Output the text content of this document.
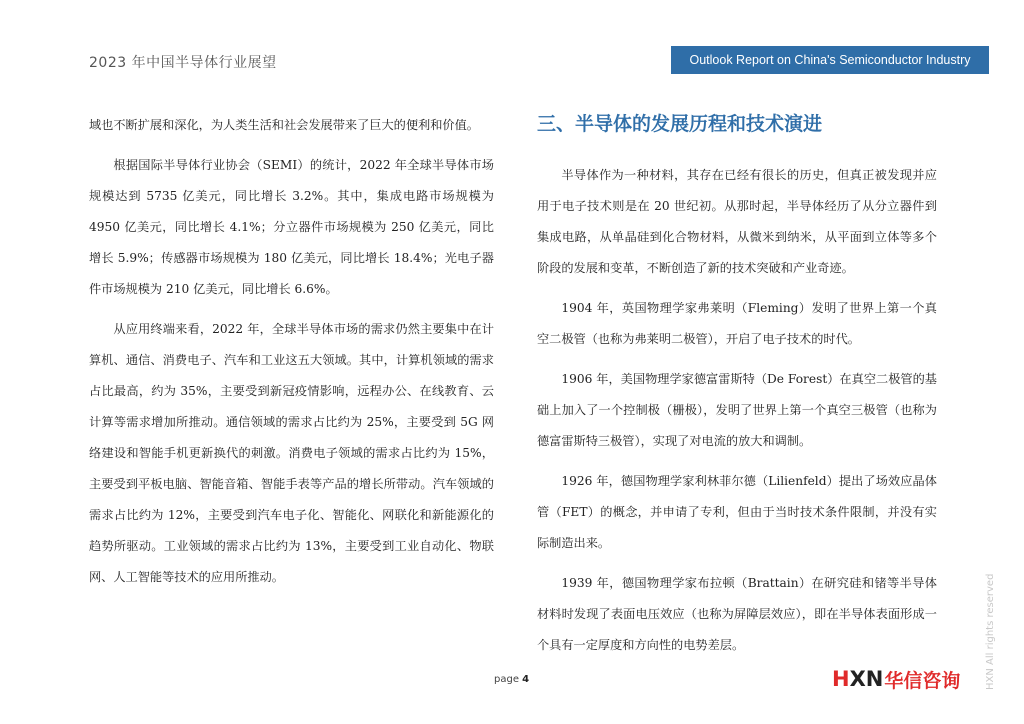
2023 年中国半导体行业展望	Outlook Report on China's Semiconductor Industry

域也不断扩展和深化，为人类生活和社会发展带来了巨大的便利和价值。

根据国际半导体行业协会（SEMI）的统计，2022 年全球半导体市场规模达到 5735 亿美元，同比增长 3.2%。其中，集成电路市场规模为 4950 亿美元，同比增长 4.1%；分立器件市场规模为 250 亿美元，同比增长 5.9%；传感器市场规模为 180 亿美元，同比增长 18.4%；光电子器件市场规模为 210 亿美元，同比增长 6.6%。

从应用终端来看，2022 年，全球半导体市场的需求仍然主要集中在计算机、通信、消费电子、汽车和工业这五大领域。其中，计算机领域的需求占比最高，约为 35%，主要受到新冠疫情影响，远程办公、在线教育、云计算等需求增加所推动。通信领域的需求占比约为 25%，主要受到 5G 网络建设和智能手机更新换代的刺激。消费电子领域的需求占比约为 15%，主要受到平板电脑、智能音箱、智能手表等产品的增长所带动。汽车领域的需求占比约为 12%，主要受到汽车电子化、智能化、网联化和新能源化的趋势所驱动。工业领域的需求占比约为 13%，主要受到工业自动化、物联网、人工智能等技术的应用所推动。

三、半导体的发展历程和技术演进

半导体作为一种材料，其存在已经有很长的历史，但真正被发现并应用于电子技术则是在 20 世纪初。从那时起，半导体经历了从分立器件到集成电路，从单晶硅到化合物材料，从微米到纳米，从平面到立体等多个阶段的发展和变革，不断创造了新的技术突破和产业奇迹。

1904 年，英国物理学家弗莱明（Fleming）发明了世界上第一个真空二极管（也称为弗莱明二极管），开启了电子技术的时代。

1906 年，美国物理学家德富雷斯特（De Forest）在真空二极管的基础上加入了一个控制极（栅极），发明了世界上第一个真空三极管（也称为德富雷斯特三极管），实现了对电流的放大和调制。

1926 年，德国物理学家利林菲尔德（Lilienfeld）提出了场效应晶体管（FET）的概念，并申请了专利，但由于当时技术条件限制，并没有实际制造出来。

1939 年，德国物理学家布拉顿（Brattain）在研究硅和锗等半导体材料时发现了表面电压效应（也称为屏障层效应），即在半导体表面形成一个具有一定厚度和方向性的电势差层。	HXN All rights reserved
page 4	H XN 华信咨询
